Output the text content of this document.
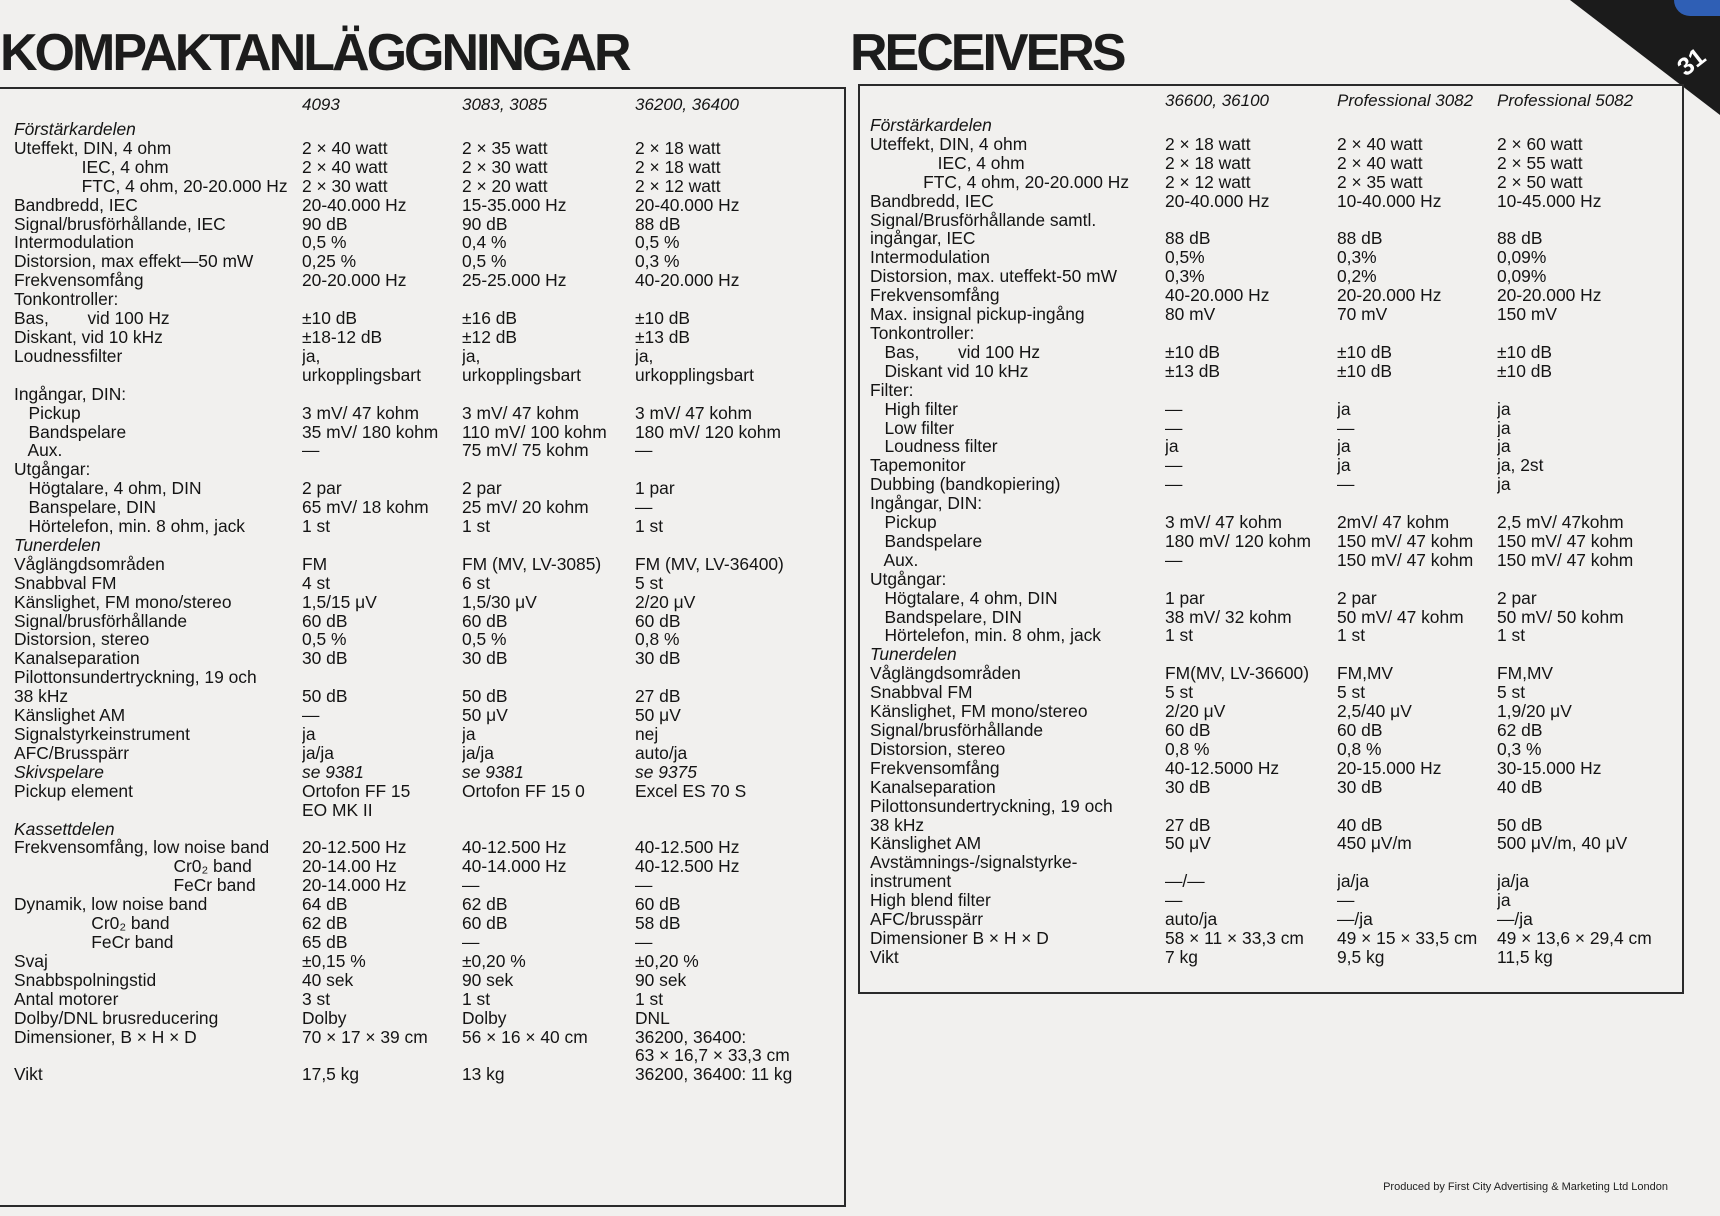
31
KOMPAKTANLÄGGNINGAR	RECEIVERS
	4093	3083, 3085	36200, 36400

Förstärkardelen			
Uteffekt, DIN, 4 ohm	2 × 40 watt	2 × 35 watt	2 × 18 watt
IEC, 4 ohm	2 × 40 watt	2 × 30 watt	2 × 18 watt
FTC, 4 ohm, 20-20.000 Hz	2 × 30 watt	2 × 20 watt	2 × 12 watt
Bandbredd, IEC	20-40.000 Hz	15-35.000 Hz	20-40.000 Hz
Signal/brusförhållande, IEC	90 dB	90 dB	88 dB
Intermodulation	0,5 %	0,4 %	0,5 %
Distorsion, max effekt—50 mW	0,25 %	0,5 %	0,3 %
Frekvensomfång	20-20.000 Hz	25-25.000 Hz	40-20.000 Hz
Tonkontroller:			
Bas,        vid 100 Hz	±10 dB	±16 dB	±10 dB
Diskant, vid 10 kHz	±18-12 dB	±12 dB	±13 dB
Loudnessfilter	ja,	ja,	ja,
	urkopplingsbart	urkopplingsbart	urkopplingsbart

Ingångar, DIN:			
Pickup	3 mV/ 47 kohm	3 mV/ 47 kohm	3 mV/ 47 kohm
Bandspelare	35 mV/ 180 kohm	110 mV/ 100 kohm	180 mV/ 120 kohm
Aux.	—	75 mV/ 75 kohm	—
Utgångar:			
Högtalare, 4 ohm, DIN	2 par	2 par	1 par
Banspelare, DIN	65 mV/ 18 kohm	25 mV/ 20 kohm	—
Hörtelefon, min. 8 ohm, jack	1 st	1 st	1 st
Tunerdelen			
Våglängdsområden	FM	FM (MV, LV-3085)	FM (MV, LV-36400)
Snabbval FM	4 st	6 st	5 st
Känslighet, FM mono/stereo	1,5/15 μV	1,5/30 μV	2/20 μV
Signal/brusförhållande	60 dB	60 dB	60 dB
Distorsion, stereo	0,5 %	0,5 %	0,8 %
Kanalseparation	30 dB	30 dB	30 dB
Pilottonsundertryckning, 19 och			
38 kHz	50 dB	50 dB	27 dB
Känslighet AM	—	50 μV	50 μV
Signalstyrkeinstrument	ja	ja	nej
AFC/Brusspärr	ja/ja	ja/ja	auto/ja
Skivspelare	se 9381	se 9381	se 9375
Pickup element	Ortofon FF 15	Ortofon FF 15 0	Excel ES 70 S
	EO MK II		

Kassettdelen			
Frekvensomfång, low noise band	20-12.500 Hz	40-12.500 Hz	40-12.500 Hz
Cr0₂ band	20-14.00 Hz	40-14.000 Hz	40-12.500 Hz
FeCr band	20-14.000 Hz	—	—
Dynamik, low noise band	64 dB	62 dB	60 dB
Cr0₂ band	62 dB	60 dB	58 dB
FeCr band	65 dB	—	—
Svaj	±0,15 %	±0,20 %	±0,20 %
Snabbspolningstid	40 sek	90 sek	90 sek
Antal motorer	3 st	1 st	1 st
Dolby/DNL brusreducering	Dolby	Dolby	DNL
Dimensioner, B × H × D	70 × 17 × 39 cm	56 × 16 × 40 cm	36200, 36400:
			63 × 16,7 × 33,3 cm
Vikt	17,5 kg	13 kg	36200, 36400: 11 kg
	36600, 36100	Professional 3082	Professional 5082

Förstärkardelen			
Uteffekt, DIN, 4 ohm	2 × 18 watt	2 × 40 watt	2 × 60 watt
IEC, 4 ohm	2 × 18 watt	2 × 40 watt	2 × 55 watt
FTC, 4 ohm, 20-20.000 Hz	2 × 12 watt	2 × 35 watt	2 × 50 watt
Bandbredd, IEC	20-40.000 Hz	10-40.000 Hz	10-45.000 Hz
Signal/Brusförhållande samtl.			
ingångar, IEC	88 dB	88 dB	88 dB
Intermodulation	0,5%	0,3%	0,09%
Distorsion, max. uteffekt-50 mW	0,3%	0,2%	0,09%
Frekvensomfång	40-20.000 Hz	20-20.000 Hz	20-20.000 Hz
Max. insignal pickup-ingång	80 mV	70 mV	150 mV
Tonkontroller:			
Bas,        vid 100 Hz	±10 dB	±10 dB	±10 dB
Diskant vid 10 kHz	±13 dB	±10 dB	±10 dB
Filter:			
High filter	—	ja	ja
Low filter	—	—	ja
Loudness filter	ja	ja	ja
Tapemonitor	—	ja	ja, 2st
Dubbing (bandkopiering)	—	—	ja
Ingångar, DIN:			
Pickup	3 mV/ 47 kohm	2mV/ 47 kohm	2,5 mV/ 47kohm
Bandspelare	180 mV/ 120 kohm	150 mV/ 47 kohm	150 mV/ 47 kohm
Aux.	—	150 mV/ 47 kohm	150 mV/ 47 kohm
Utgångar:			
Högtalare, 4 ohm, DIN	1 par	2 par	2 par
Bandspelare, DIN	38 mV/ 32 kohm	50 mV/ 47 kohm	50 mV/ 50 kohm
Hörtelefon, min. 8 ohm, jack	1 st	1 st	1 st
Tunerdelen			
Våglängdsområden	FM(MV, LV-36600)	FM,MV	FM,MV
Snabbval FM	5 st	5 st	5 st
Känslighet, FM mono/stereo	2/20 μV	2,5/40 μV	1,9/20 μV
Signal/brusförhållande	60 dB	60 dB	62 dB
Distorsion, stereo	0,8 %	0,8 %	0,3 %
Frekvensomfång	40-12.5000 Hz	20-15.000 Hz	30-15.000 Hz
Kanalseparation	30 dB	30 dB	40 dB
Pilottonsundertryckning, 19 och			
38 kHz	27 dB	40 dB	50 dB
Känslighet AM	50 μV	450 μV/m	500 μV/m, 40 μV
Avstämnings-/signalstyrke-			
instrument	—/—	ja/ja	ja/ja
High blend filter	—	—	ja
AFC/brusspärr	auto/ja	—/ja	—/ja
Dimensioner B × H × D	58 × 11 × 33,3 cm	49 × 15 × 33,5 cm	49 × 13,6 × 29,4 cm
Vikt	7 kg	9,5 kg	11,5 kg
Produced by First City Advertising & Marketing Ltd London
